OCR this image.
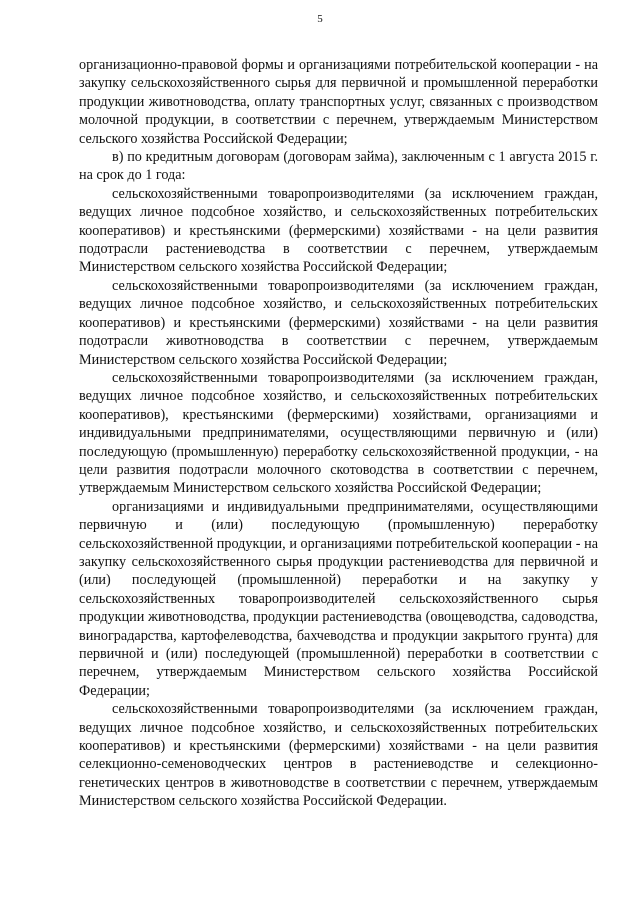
5

организационно-правовой формы и организациями потребительской кооперации - на закупку сельскохозяйственного сырья для первичной и промышленной переработки продукции животноводства, оплату транспортных услуг, связанных с производством молочной продукции, в соответствии с перечнем, утверждаемым Министерством сельского хозяйства Российской Федерации;

в) по кредитным договорам (договорам займа), заключенным с 1 августа 2015 г. на срок до 1 года:

сельскохозяйственными товаропроизводителями (за исключением граждан, ведущих личное подсобное хозяйство, и сельскохозяйственных потребительских кооперативов) и крестьянскими (фермерскими) хозяйствами - на цели развития подотрасли растениеводства в соответствии с перечнем, утверждаемым Министерством сельского хозяйства Российской Федерации;

сельскохозяйственными товаропроизводителями (за исключением граждан, ведущих личное подсобное хозяйство, и сельскохозяйственных потребительских кооперативов) и крестьянскими (фермерскими) хозяйствами - на цели развития подотрасли животноводства в соответствии с перечнем, утверждаемым Министерством сельского хозяйства Российской Федерации;

сельскохозяйственными товаропроизводителями (за исключением граждан, ведущих личное подсобное хозяйство, и сельскохозяйственных потребительских кооперативов), крестьянскими (фермерскими) хозяйствами, организациями и индивидуальными предпринимателями, осуществляющими первичную и (или) последующую (промышленную) переработку сельскохозяйственной продукции, - на цели развития подотрасли молочного скотоводства в соответствии с перечнем, утверждаемым Министерством сельского хозяйства Российской Федерации;

организациями и индивидуальными предпринимателями, осуществляющими первичную и (или) последующую (промышленную) переработку сельскохозяйственной продукции, и организациями потребительской кооперации - на закупку сельскохозяйственного сырья продукции растениеводства для первичной и (или) последующей (промышленной) переработки и на закупку у сельскохозяйственных товаропроизводителей сельскохозяйственного сырья продукции животноводства, продукции растениеводства (овощеводства, садоводства, виноградарства, картофелеводства, бахчеводства и продукции закрытого грунта) для первичной и (или) последующей (промышленной) переработки в соответствии с перечнем, утверждаемым Министерством сельского хозяйства Российской Федерации;

сельскохозяйственными товаропроизводителями (за исключением граждан, ведущих личное подсобное хозяйство, и сельскохозяйственных потребительских кооперативов) и крестьянскими (фермерскими) хозяйствами - на цели развития селекционно-семеноводческих центров в растениеводстве и селекционно-генетических центров в животноводстве в соответствии с перечнем, утверждаемым Министерством сельского хозяйства Российской Федерации.
